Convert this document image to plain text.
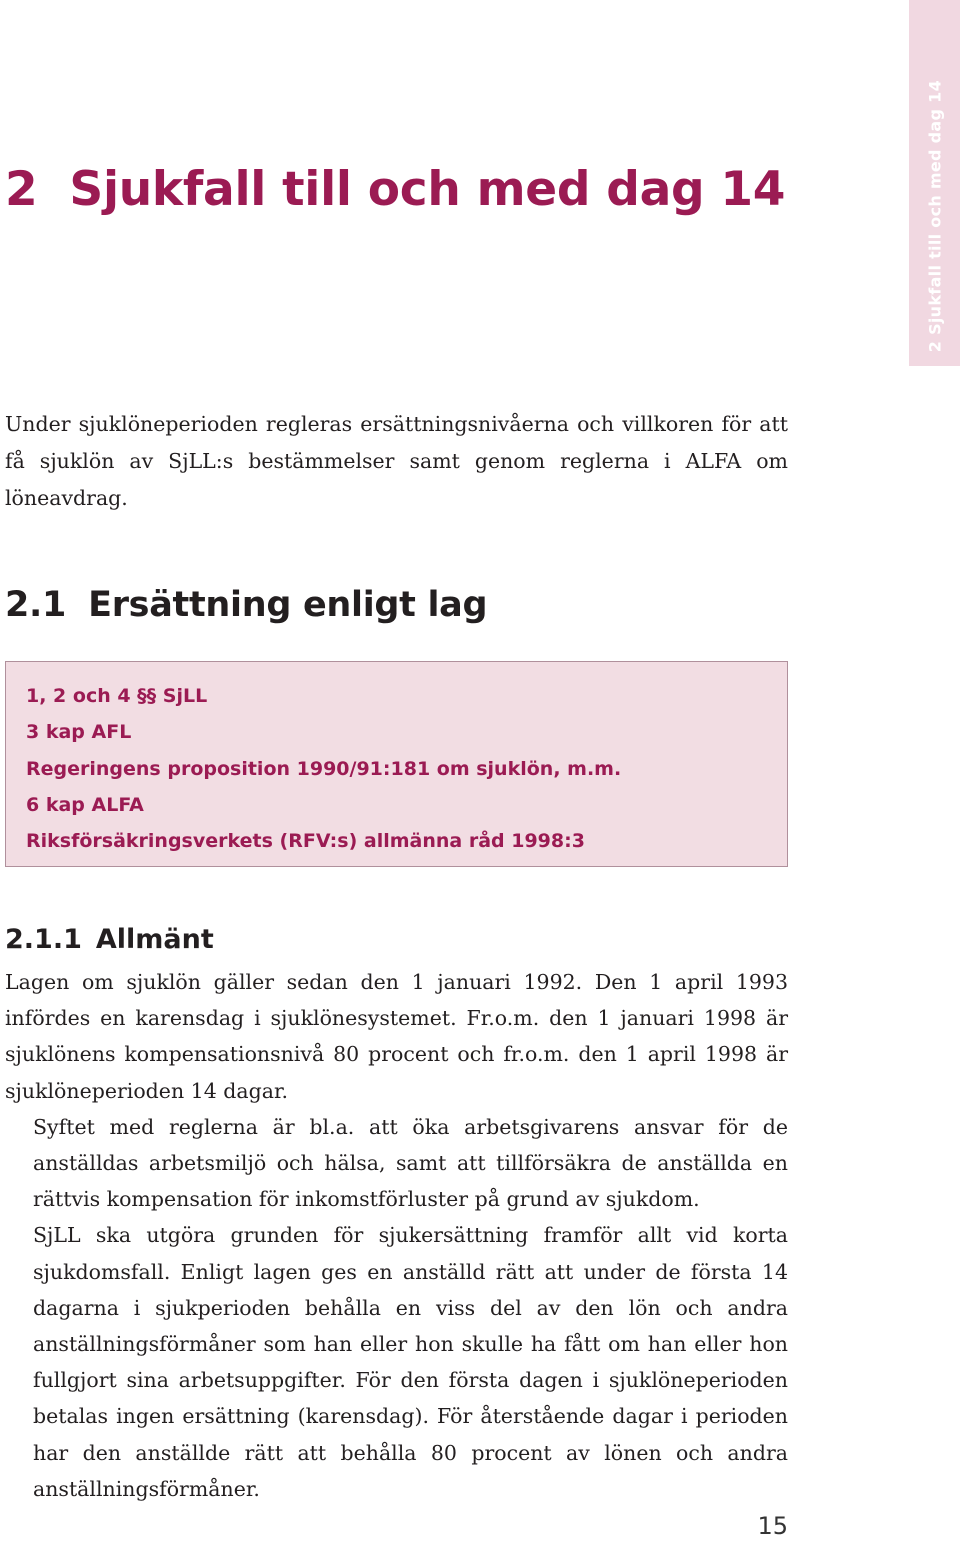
2 Sjukfall till och med dag 14
2 Sjukfall till och med dag 14

Under sjuklöneperioden regleras ersättningsnivåerna och villkoren för att få sjuklön av SjLL:s bestämmelser samt genom reglerna i ALFA om löneavdrag.

2.1 Ersättning enligt lag
1, 2 och 4 §§ SjLL
3 kap AFL
Regeringens proposition 1990/91:181 om sjuklön, m.m.
6 kap ALFA
Riksförsäkringsverkets (RFV:s) allmänna råd 1998:3
2.1.1 Allmänt
Lagen om sjuklön gäller sedan den 1 januari 1992. Den 1 april 1993 infördes en karensdag i sjuklönesystemet. Fr.o.m. den 1 januari 1998 är sjuklönens kompensationsnivå 80 procent och fr.o.m. den 1 april 1998 är sjuklöneperioden 14 dagar.
Syftet med reglerna är bl.a. att öka arbetsgivarens ansvar för de anställdas arbetsmiljö och hälsa, samt att tillförsäkra de anställda en rättvis kompensation för inkomstförluster på grund av sjukdom.
SjLL ska utgöra grunden för sjukersättning framför allt vid korta sjukdomsfall. Enligt lagen ges en anställd rätt att under de första 14 dagarna i sjukperioden behålla en viss del av den lön och andra anställningsförmåner som han eller hon skulle ha fått om han eller hon fullgjort sina arbetsuppgifter. För den första dagen i sjuklöneperioden betalas ingen ersättning (karensdag). För återstående dagar i perioden har den anställde rätt att behålla 80 procent av lönen och andra anställningsförmåner.
15
